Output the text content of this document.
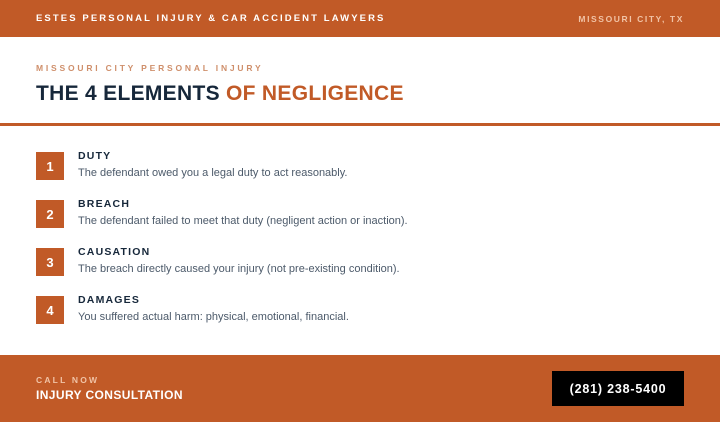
ESTES PERSONAL INJURY & CAR ACCIDENT LAWYERS	MISSOURI CITY, TX
MISSOURI CITY PERSONAL INJURY
THE 4 ELEMENTS OF NEGLIGENCE
1
DUTY
The defendant owed you a legal duty to act reasonably.
2
BREACH
The defendant failed to meet that duty (negligent action or inaction).
3
CAUSATION
The breach directly caused your injury (not pre-existing condition).
4
DAMAGES
You suffered actual harm: physical, emotional, financial.
CALL NOW
INJURY CONSULTATION	(281) 238-5400
